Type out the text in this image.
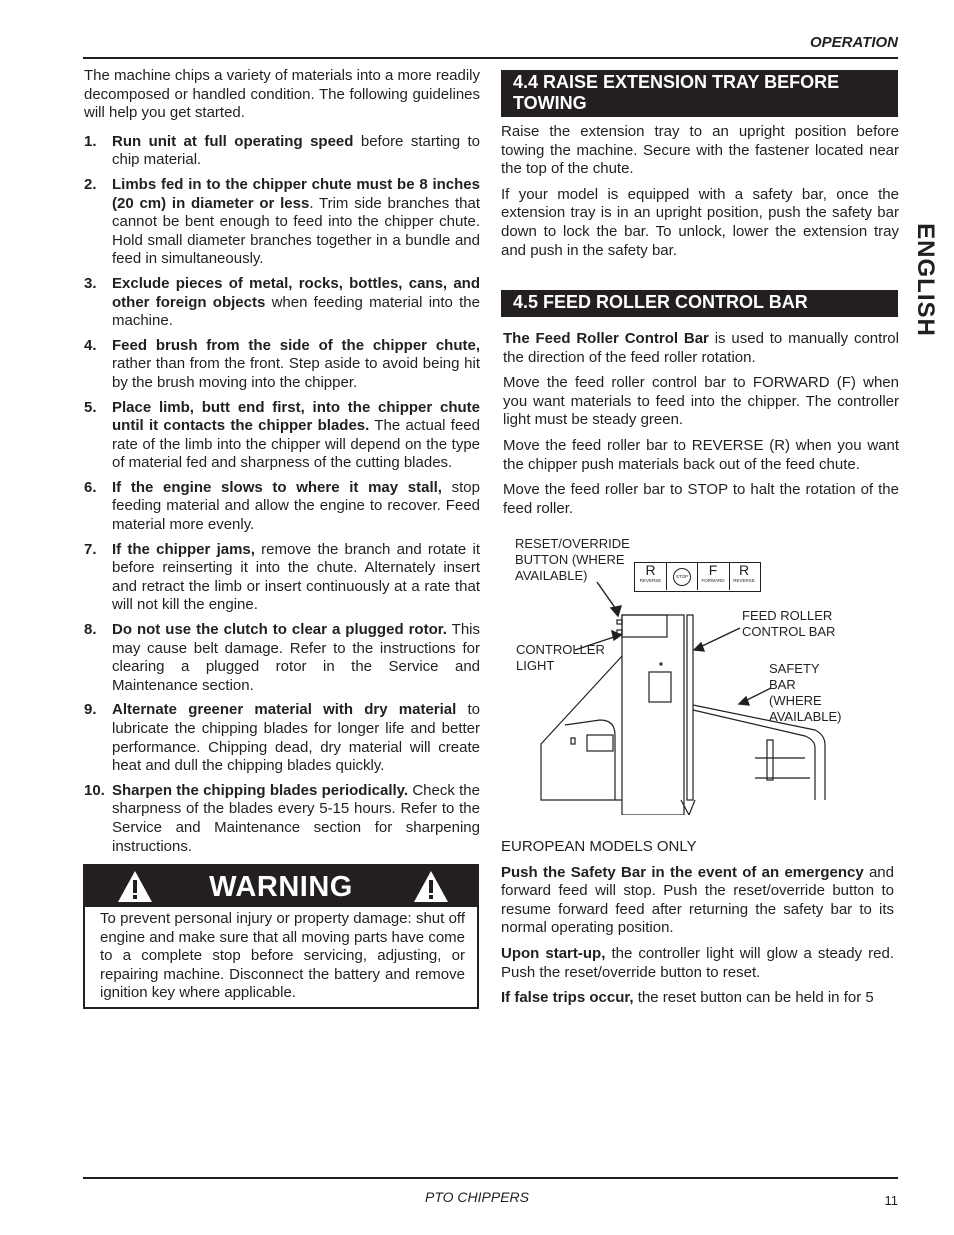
OPERATION
ENGLISH

The machine chips a variety of materials into a more readily decomposed or handled condition. The following guidelines will help you get started.

1. Run unit at full operating speed before starting to chip material.
2. Limbs fed in to the chipper chute must be 8 inches (20 cm) in diameter or less. Trim side branches that cannot be bent enough to feed into the chipper chute. Hold small diameter branches together in a bundle and feed in simultaneously.
3. Exclude pieces of metal, rocks, bottles, cans, and other foreign objects when feeding material into the machine.
4. Feed brush from the side of the chipper chute, rather than from the front. Step aside to avoid being hit by the brush moving into the chipper.
5. Place limb, butt end first, into the chipper chute until it contacts the chipper blades. The actual feed rate of the limb into the chipper will depend on the type of material fed and sharpness of the cutting blades.
6. If the engine slows to where it may stall, stop feeding material and allow the engine to recover. Feed material more evenly.
7. If the chipper jams, remove the branch and rotate it before reinserting it into the chute. Alternately insert and retract the limb or insert continuously at a rate that will not kill the engine.
8. Do not use the clutch to clear a plugged rotor. This may cause belt damage. Refer to the instructions for clearing a plugged rotor in the Service and Maintenance section.
9. Alternate greener material with dry material to lubricate the chipping blades for longer life and better performance. Chipping dead, dry material will create heat and dull the chipping blades quickly.
10. Sharpen the chipping blades periodically. Check the sharpness of the blades every 5-15 hours. Refer to the Service and Maintenance section for sharpening instructions.
WARNING
To prevent personal injury or property damage: shut off engine and make sure that all moving parts have come to a complete stop before servicing, adjusting, or repairing machine. Disconnect the battery and remove ignition key where applicable.
4.4 RAISE EXTENSION TRAY BEFORE TOWING

Raise the extension tray to an upright position before towing the machine. Secure with the fastener located near the top of the chute.

If your model is equipped with a safety bar, once the extension tray is in an upright position, push the safety bar down to lock the bar. To unlock, lower the extension tray and push in the safety bar.

4.5 FEED ROLLER CONTROL BAR

The Feed Roller Control Bar is used to manually control the direction of the feed roller rotation.

Move the feed roller control bar to FORWARD (F) when you want materials to feed into the chipper. The controller light must be steady green.

Move the feed roller bar to REVERSE (R) when you want the chipper push materials back out of the feed chute.

Move the feed roller bar to STOP to halt the rotation of the feed roller.

R
REVERSE
STOP	F
FORWARD
R
REVERSE
RESET/OVERRIDE
BUTTON (WHERE
AVAILABLE)
FEED ROLLER
CONTROL BAR
CONTROLLER
LIGHT	SAFETY BAR
(WHERE
AVAILABLE)

EUROPEAN MODELS ONLY

Push the Safety Bar in the event of an emergency and forward feed will stop. Push the reset/override button to resume forward feed after returning the safety bar to its normal operating position.

Upon start-up, the controller light will glow a steady red. Push the reset/override button to reset.

If false trips occur, the reset button can be held in for 5

PTO CHIPPERS	11
